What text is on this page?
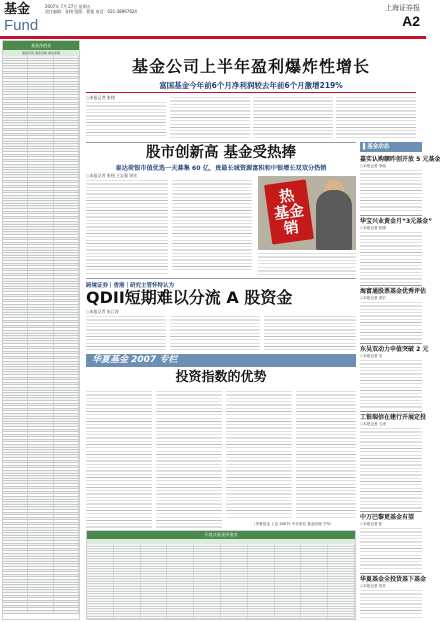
基金
Fund
2007年 7月 27日 星期五
责任编辑：张栩 组版：曹俊 电话：021-38967624	上海证券报
A2
基金净值表
基金代码 基金名称 单位净值
基金公司上半年盈利爆炸性增长
富国基金今年前6个月净利润较去年前6个月激增219%
○本报记者 张栩
股市创新高 基金受热捧
泰达荷银市值优选一天募集 60 亿，贵最长城资源富积和中银增长双双分热销
○本报记者 张栩 王志强 周宏
热 基金 销
跨境证券｜香港｜研究主管怀特认为
QDII短期难以分流 A 股资金
○本报记者 朱江涛
华夏基金 2007 专栏
投资指数的优势
（华夏基金 上证 50ETF 中央单位 基金经理 方军）
开放式基金净值表
▌基金动态
嘉实认购额昨创开放 5 元基金
○本报记者 李丽
华宝兴业黄金月“3元基金”
○本报记者 张栩
海富通股票基金优秀评估
○本报记者 周宏
东吴双动力申值突破 2 元
○本报记者 吴
工银瑞信在建行开展定投
○本报记者 王涛
中万巴黎更基金有望
○本报记者 张
华夏基金全投货基下基金
○本报记者 易非
